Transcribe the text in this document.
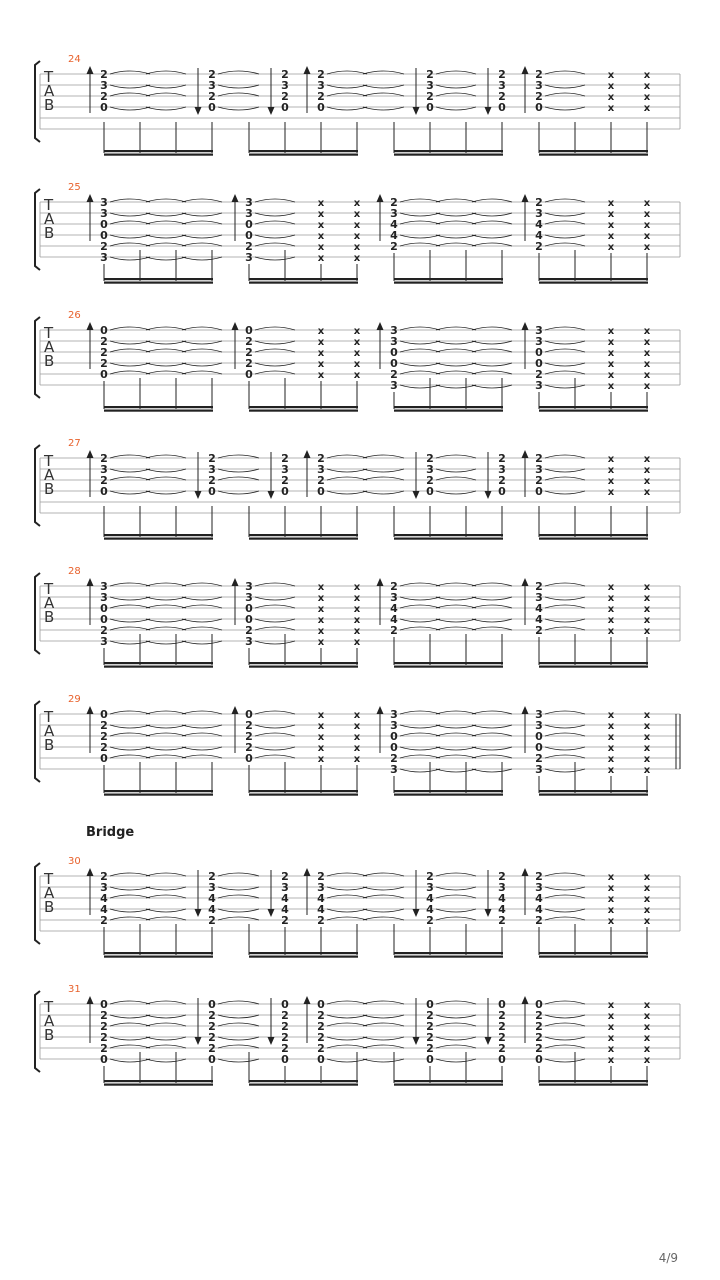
24
T
A
B
2
3
2
0
2
3
2
0
2
3
2
0
2
3
2
0
2
3
2
0
2
3
2
0
2
3
2
0
x
x
x
x
x
x
x
x
25
T
A
B
3
3
0
0
2
3
3
3
0
0
2
3
x
x
x
x
x
x
x
x
x
x
x
x
2
3
4
4
2
2
3
4
4
2
x
x
x
x
x
x
x
x
x
x
26
T
A
B
0
2
2
2
0
0
2
2
2
0
x
x
x
x
x
x
x
x
x
x
3
3
0
0
2
3
3
3
0
0
2
3
x
x
x
x
x
x
x
x
x
x
x
x
27
T
A
B
2
3
2
0
2
3
2
0
2
3
2
0
2
3
2
0
2
3
2
0
2
3
2
0
2
3
2
0
x
x
x
x
x
x
x
x
28
T
A
B
3
3
0
0
2
3
3
3
0
0
2
3
x
x
x
x
x
x
x
x
x
x
x
x
2
3
4
4
2
2
3
4
4
2
x
x
x
x
x
x
x
x
x
x
29
T
A
B
0
2
2
2
0
0
2
2
2
0
x
x
x
x
x
x
x
x
x
x
3
3
0
0
2
3
3
3
0
0
2
3
x
x
x
x
x
x
x
x
x
x
x
x
Bridge
30
T
A
B
2
3
4
4
2
2
3
4
4
2
2
3
4
4
2
2
3
4
4
2
2
3
4
4
2
2
3
4
4
2
2
3
4
4
2
x
x
x
x
x
x
x
x
x
x
31
T
A
B
0
2
2
2
2
0
0
2
2
2
2
0
0
2
2
2
2
0
0
2
2
2
2
0
0
2
2
2
2
0
0
2
2
2
2
0
0
2
2
2
2
0
x
x
x
x
x
x
x
x
x
x
x
x
4/9
